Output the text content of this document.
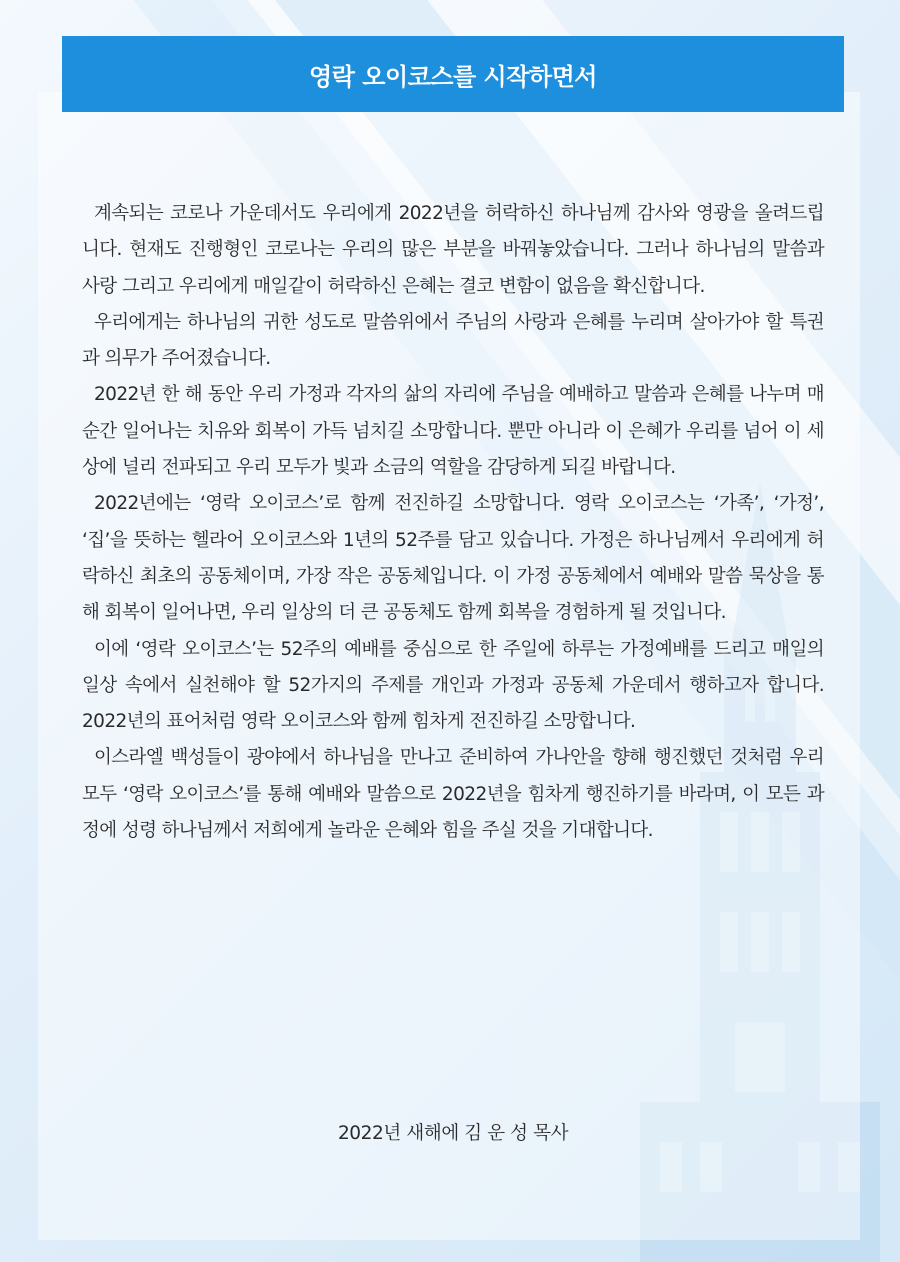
영락 오이코스를 시작하면서

계속되는 코로나 가운데서도 우리에게 2022년을 허락하신 하나님께 감사와 영광을 올려드립니다. 현재도 진행형인 코로나는 우리의 많은 부분을 바꿔놓았습니다. 그러나 하나님의 말씀과 사랑 그리고 우리에게 매일같이 허락하신 은혜는 결코 변함이 없음을 확신합니다.

우리에게는 하나님의 귀한 성도로 말씀위에서 주님의 사랑과 은혜를 누리며 살아가야 할 특권과 의무가 주어졌습니다.

2022년 한 해 동안 우리 가정과 각자의 삶의 자리에 주님을 예배하고 말씀과 은혜를 나누며 매 순간 일어나는 치유와 회복이 가득 넘치길 소망합니다. 뿐만 아니라 이 은혜가 우리를 넘어 이 세상에 널리 전파되고 우리 모두가 빛과 소금의 역할을 감당하게 되길 바랍니다.

2022년에는 ‘영락 오이코스’로 함께 전진하길 소망합니다. 영락 오이코스는 ‘가족’, ‘가정’, ‘집’을 뜻하는 헬라어 오이코스와 1년의 52주를 담고 있습니다. 가정은 하나님께서 우리에게 허락하신 최초의 공동체이며, 가장 작은 공동체입니다. 이 가정 공동체에서 예배와 말씀 묵상을 통해 회복이 일어나면, 우리 일상의 더 큰 공동체도 함께 회복을 경험하게 될 것입니다.

이에 ‘영락 오이코스’는 52주의 예배를 중심으로 한 주일에 하루는 가정예배를 드리고 매일의 일상 속에서 실천해야 할 52가지의 주제를 개인과 가정과 공동체 가운데서 행하고자 합니다. 2022년의 표어처럼 영락 오이코스와 함께 힘차게 전진하길 소망합니다.

이스라엘 백성들이 광야에서 하나님을 만나고 준비하여 가나안을 향해 행진했던 것처럼 우리 모두 ‘영락 오이코스’를 통해 예배와 말씀으로 2022년을 힘차게 행진하기를 바라며, 이 모든 과정에 성령 하나님께서 저희에게 놀라운 은혜와 힘을 주실 것을 기대합니다.

2022년 새해에 김 운 성 목사
